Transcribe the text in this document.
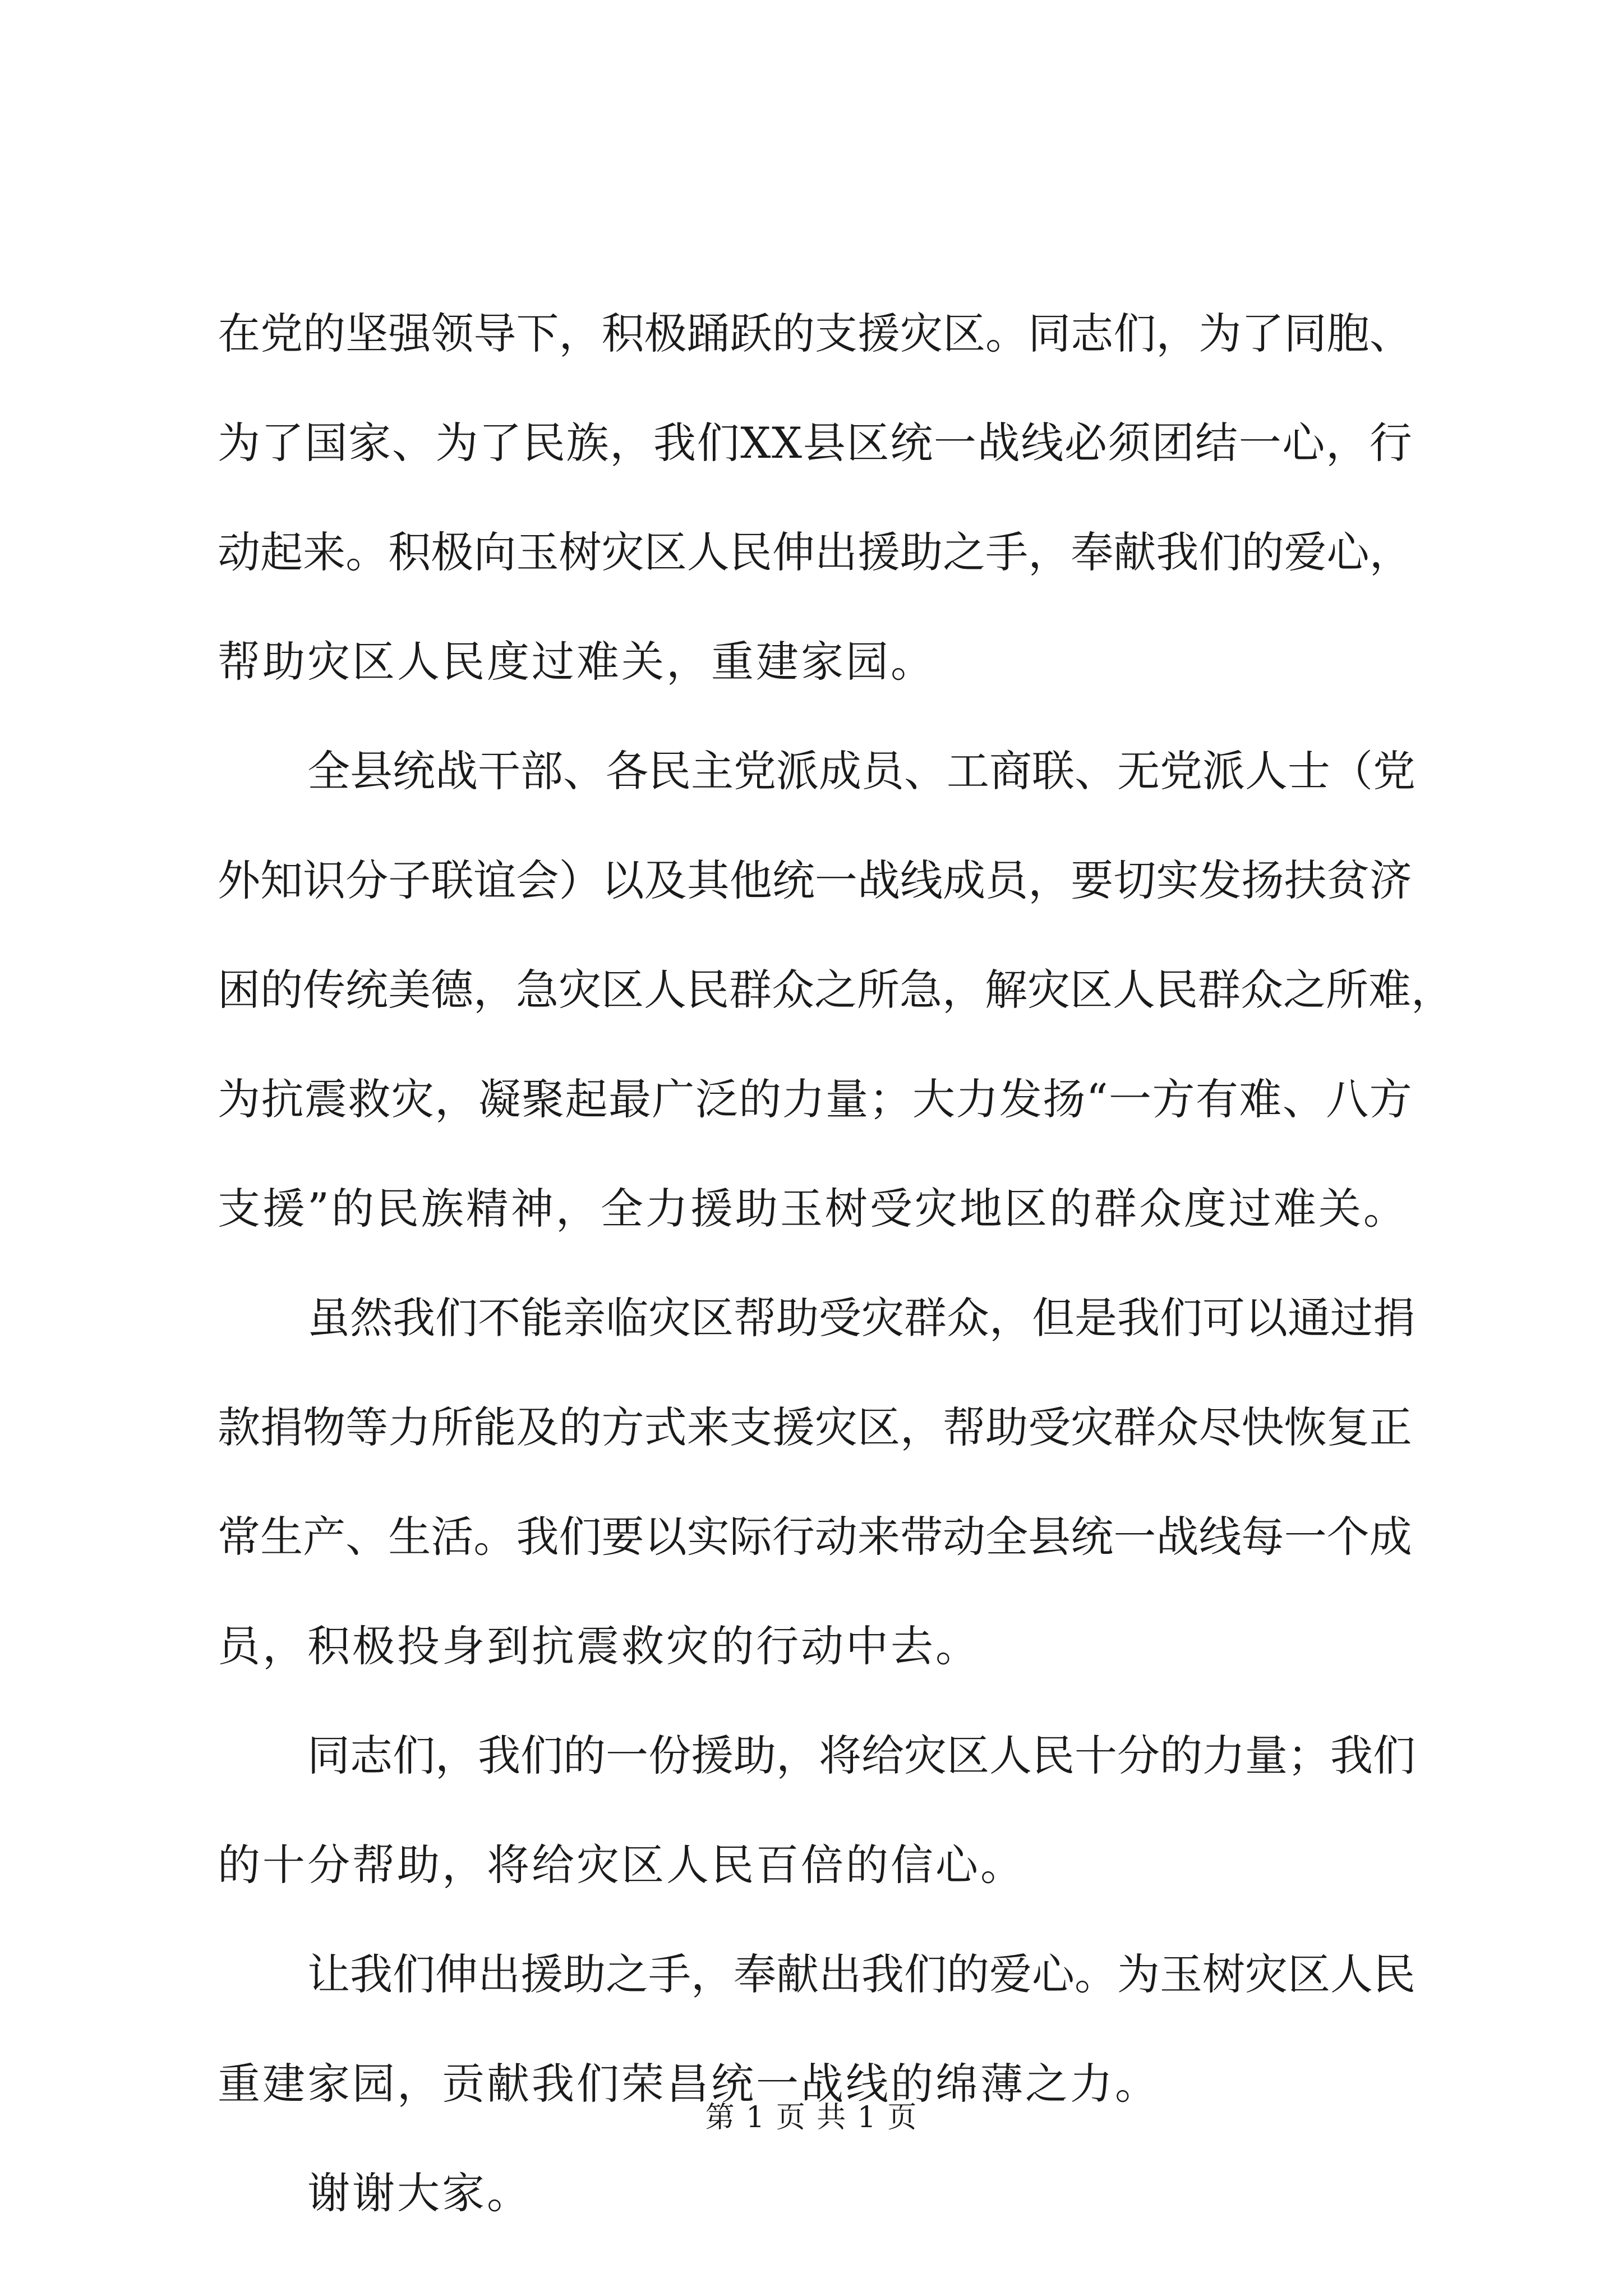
在 党 的 坚 强 领 导 下 ， 积 极 踊 跃 的 支 援 灾 区 。 同 志 们 ， 为 了 同 胞 、
为 了 国 家 、 为 了 民 族 ， 我 们 X X 县 区 统 一 战 线 必 须 团 结 一 心 ， 行
动 起 来 。 积 极 向 玉 树 灾 区 人 民 伸 出 援 助 之 手 ， 奉 献 我 们 的 爱 心 ，
帮助灾区人民度过难关，重建家园。
全 县 统 战 干 部 、 各 民 主 党 派 成 员 、 工 商 联 、 无 党 派 人 士 （ 党
外 知 识 分 子 联 谊 会 ） 以 及 其 他 统 一 战 线 成 员 ， 要 切 实 发 扬 扶 贫 济
困 的 传 统 美 德 ， 急 灾 区 人 民 群 众 之 所 急 ， 解 灾 区 人 民 群 众 之 所 难 ，
为 抗 震 救 灾 ， 凝 聚 起 最 广 泛 的 力 量 ； 大 力 发 扬 “ 一 方 有 难 、 八 方
支援”的民族精神，全力援助玉树受灾地区的群众度过难关。
虽 然 我 们 不 能 亲 临 灾 区 帮 助 受 灾 群 众 ， 但 是 我 们 可 以 通 过 捐
款 捐 物 等 力 所 能 及 的 方 式 来 支 援 灾 区 ， 帮 助 受 灾 群 众 尽 快 恢 复 正
常 生 产 、 生 活 。 我 们 要 以 实 际 行 动 来 带 动 全 县 统 一 战 线 每 一 个 成
员，积极投身到抗震救灾的行动中去。
同 志 们 ， 我 们 的 一 份 援 助 ， 将 给 灾 区 人 民 十 分 的 力 量 ； 我 们
的十分帮助，将给灾区人民百倍的信心。
让 我 们 伸 出 援 助 之 手 ， 奉 献 出 我 们 的 爱 心 。 为 玉 树 灾 区 人 民
重建家园，贡献我们荣昌统一战线的绵薄之力。
谢谢大家。
第 1 页 共 1 页
